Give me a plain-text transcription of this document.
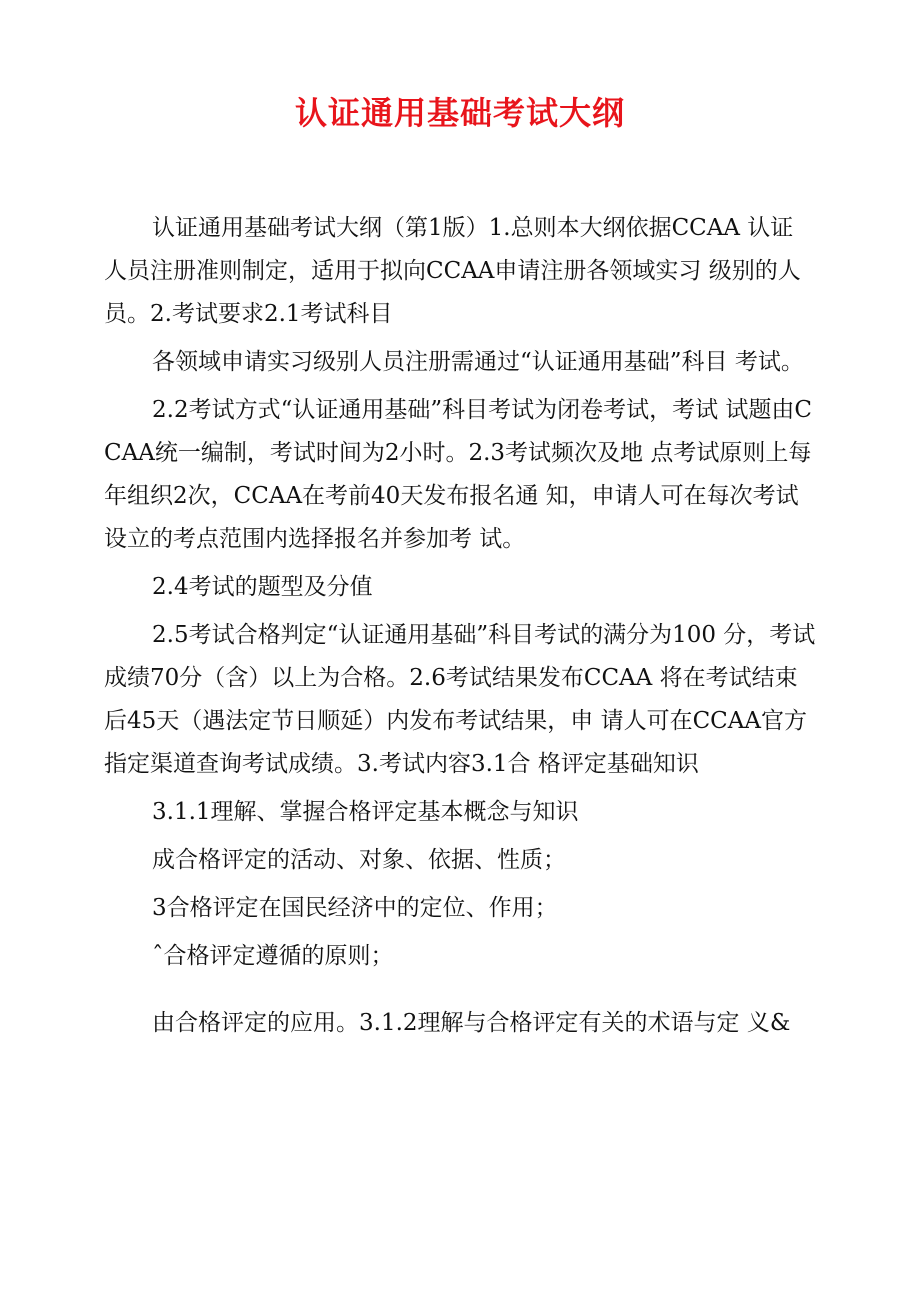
认证通用基础考试大纲

认证通用基础考试大纲（第1版）1.总则本大纲依据CCAA 认证人员注册准则制定，适用于拟向CCAA申请注册各领域实习 级别的人员。2.考试要求2.1考试科目

各领域申请实习级别人员注册需通过“认证通用基础”科目 考试。

2.2考试方式“认证通用基础”科目考试为闭卷考试，考试 试题由CCAA统一编制，考试时间为2小时。2.3考试频次及地 点考试原则上每年组织2次，CCAA在考前40天发布报名通 知，申请人可在每次考试设立的考点范围内选择报名并参加考 试。

2.4考试的题型及分值

2.5考试合格判定“认证通用基础”科目考试的满分为100 分，考试成绩70分（含）以上为合格。2.6考试结果发布CCAA 将在考试结束后45天（遇法定节日顺延）内发布考试结果，申 请人可在CCAA官方指定渠道查询考试成绩。3.考试内容3.1合 格评定基础知识

3.1.1理解、掌握合格评定基本概念与知识

成合格评定的活动、对象、依据、性质；

3合格评定在国民经济中的定位、作用；

ˆ合格评定遵循的原则；

由合格评定的应用。3.1.2理解与合格评定有关的术语与定 义&
